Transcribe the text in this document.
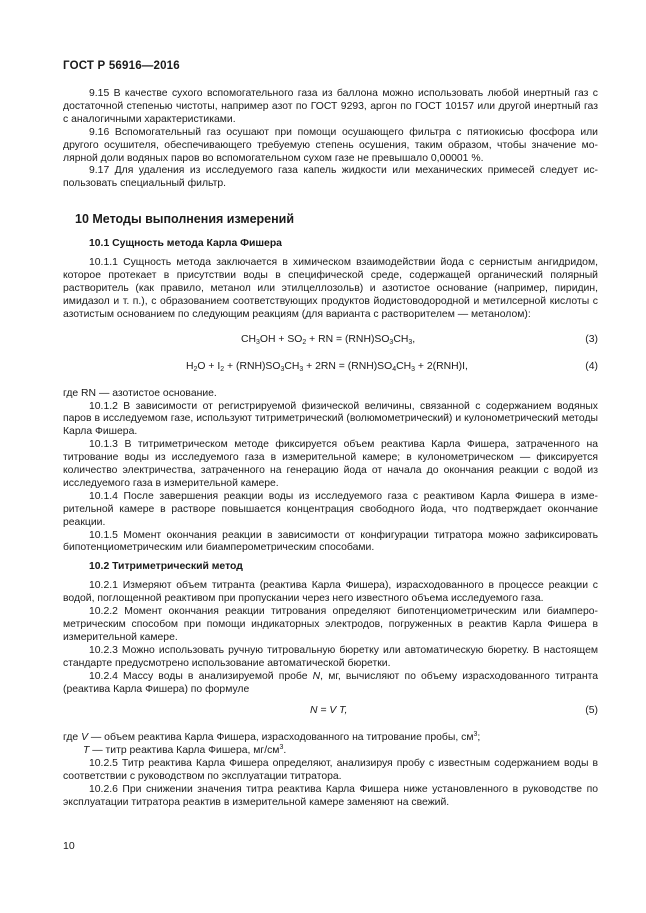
ГОСТ Р 56916—2016

9.15 В качестве сухого вспомогательного газа из баллона можно использовать любой инертный газ с достаточной степенью чистоты, например азот по ГОСТ 9293, аргон по ГОСТ 10157 или другой инертный газ с аналогичными характеристиками.

9.16 Вспомогательный газ осушают при помощи осушающего фильтра с пятиокисью фосфора или другого осушителя, обеспечивающего требуемую степень осушения, таким образом, чтобы значение молярной доли водяных паров во вспомогательном сухом газе не превышало 0,00001 %.

9.17 Для удаления из исследуемого газа капель жидкости или механических примесей следует использовать специальный фильтр.

10 Методы выполнения измерений
10.1 Сущность метода Карла Фишера

10.1.1 Сущность метода заключается в химическом взаимодействии йода с сернистым ангидридом, которое протекает в присутствии воды в специфической среде, содержащей органический полярный растворитель (как правило, метанол или этилцеллозольв) и азотистое основание (например, пиридин, имидазол и т. п.), с образованием соответствующих продуктов йодистоводородной и метилсерной кислоты с азотистым основанием по следующим реакциям (для варианта с растворителем — метанолом):

$CH_3OH + SO_2$ + RN = $(RNH)SO_3CH_3$,	(3)
$H_2O + I_2 + (RNH)SO_3CH_3 + 2RN = (RNH)SO_4CH_3 + 2(RNH)I$,	(4)

где RN — азотистое основание.

10.1.2 В зависимости от регистрируемой физической величины, связанной с содержанием водяных паров в исследуемом газе, используют титриметрический (волюмометрический) и кулонометрический методы Карла Фишера.

10.1.3 В титриметрическом методе фиксируется объем реактива Карла Фишера, затраченного на титрование воды из исследуемого газа в измерительной камере; в кулонометрическом — фиксируется количество электричества, затраченного на генерацию йода от начала до окончания реакции с водой из исследуемого газа в измерительной камере.

10.1.4 После завершения реакции воды из исследуемого газа с реактивом Карла Фишера в измерительной камере в растворе повышается концентрация свободного йода, что подтверждает окончание реакции.

10.1.5 Момент окончания реакции в зависимости от конфигурации титратора можно зафиксировать бипотенциометрическим или биамперометрическим способами.

10.2 Титриметрический метод

10.2.1 Измеряют объем титранта (реактива Карла Фишера), израсходованного в процессе реакции с водой, поглощенной реактивом при пропускании через него известного объема исследуемого газа.

10.2.2 Момент окончания реакции титрования определяют бипотенциометрическим или биамперометрическим способом при помощи индикаторных электродов, погруженных в реактив Карла Фишера в измерительной камере.

10.2.3 Можно использовать ручную титровальную бюретку или автоматическую бюретку. В настоящем стандарте предусмотрено использование автоматической бюретки.

10.2.4 Массу воды в анализируемой пробе N, мг, вычисляют по объему израсходованного титранта (реактива Карла Фишера) по формуле

N = V T,	(5)

где V — объем реактива Карла Фишера, израсходованного на титрование пробы, $см^3$;

T — титр реактива Карла Фишера, $мг/см^3$.

10.2.5 Титр реактива Карла Фишера определяют, анализируя пробу с известным содержанием воды в соответствии с руководством по эксплуатации титратора.

10.2.6 При снижении значения титра реактива Карла Фишера ниже установленного в руководстве по эксплуатации титратора реактив в измерительной камере заменяют на свежий.

10
